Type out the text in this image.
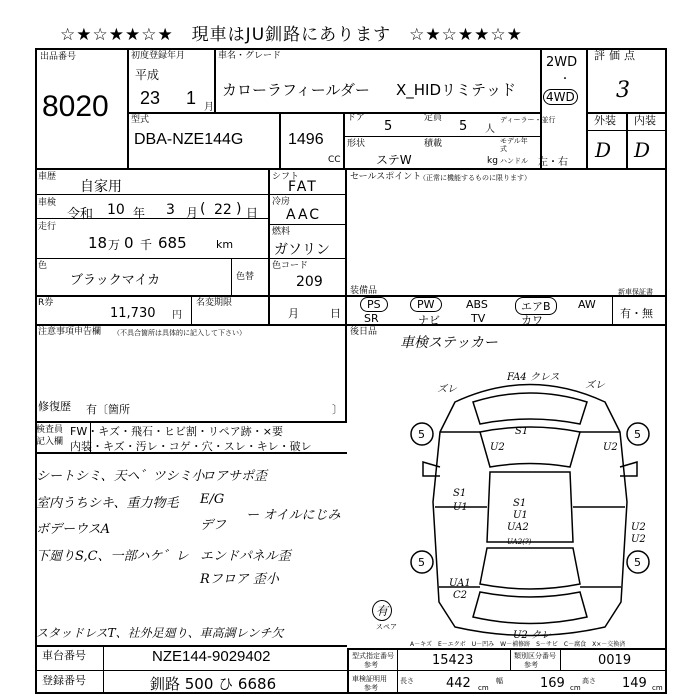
☆★☆★★☆★　現車はJU釧路にあります　☆★☆★★☆★
出品番号
8020
初度登録年月
平成
23 1 月
車名・グレード
カローラフィールダー X_HIDリミテッド
2WD
・
4WD
型式
DBA-NZE144G	1496
CC
ドア
5
定員
5 人
ディーラー・並行
形状
ステW
積載
kg
モデル年式
ハンドル 左・右
評価点
3
外装 内装
D D
車歴
自家用
車検
令和 10 年 3 月 ( 22 ) 日
走行
18 万 0 千 685	km
色
ブラックマイカ	色替
シフト
FAT
冷房
AAC
燃料
ガソリン
色コード
209
セールスポイント
（正常に機能するものに限ります）
R券
11,730 円
名変期限
月	日
装備品
PS	PW	ABS	エアB	AW
SR	ナビ	TV	カワ
新車保証書
有・無
注意事項申告欄 （不具合箇所は具体的に記入して下さい）
修復歴 有〔箇所	〕
後日品
車検ステッカー
検査員
記入欄
FW・キズ・飛石・ヒビ割・リペア跡・×要
内装・キズ・汚レ・コゲ・穴・スレ・キレ・破レ
シートシミ、天ヘ゛ツシミ小
室内うちシキ、重力物毛
ボデーウスA
下廻りS,C、一部ハケ゛レ
ロアサポ歪
E/G
デフ
ー オイルにじみ
エンドパネル歪
Rフロア 歪小
スタッドレスT、社外足廻り、車高調レンチ欠
5	5
5	5
FA4 クレス
ズレ	ズレ
S1
U2	U2
S1
U1	S1
U1
UA2
UA2(?)
U2
U2
UA1
C2
U2 クレ
有
スペア
A－キズ　E－エクボ　U－凹み　W－補修跡　S－サビ　C－腐食　X×－交換済
車台番号	NZE144-9029402
登録番号	釧路 500 ひ 6686
型式指定番号
参考	15423	類別区分番号
参考	0019
車検証明用
参考
長さ 442 cm
幅	169 cm
高さ 149 cm
